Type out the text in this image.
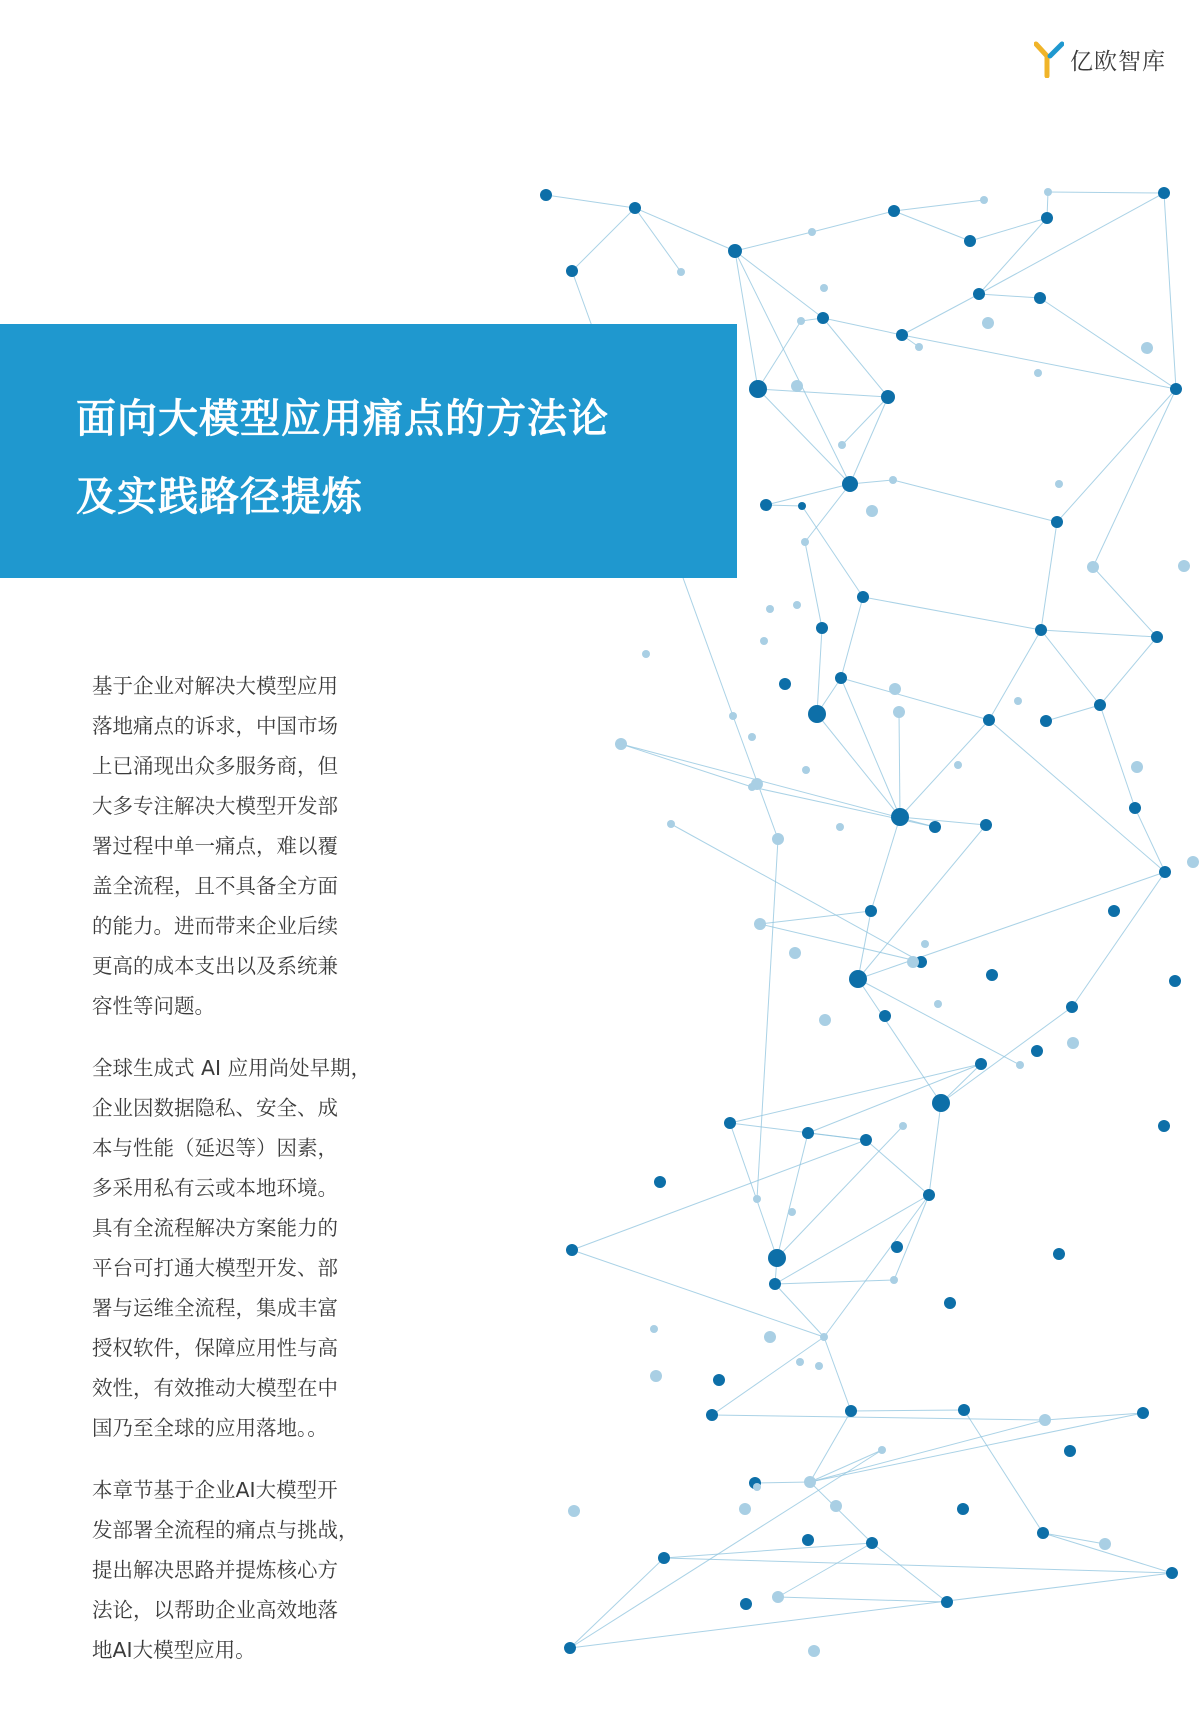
亿欧智库
面向大模型应用痛点的方法论
及实践路径提炼

基于企业对解决大模型应用
落地痛点的诉求，中国市场
上已涌现出众多服务商，但
大多专注解决大模型开发部
署过程中单一痛点，难以覆
盖全流程，且不具备全方面
的能力。进而带来企业后续
更高的成本支出以及系统兼
容性等问题。

全球生成式 AI 应用尚处早期，
企业因数据隐私、安全、成
本与性能（延迟等）因素，
多采用私有云或本地环境。
具有全流程解决方案能力的
平台可打通大模型开发、部
署与运维全流程，集成丰富
授权软件，保障应用性与高
效性，有效推动大模型在中
国乃至全球的应用落地。。

本章节基于企业AI大模型开
发部署全流程的痛点与挑战，
提出解决思路并提炼核心方
法论，以帮助企业高效地落
地AI大模型应用。
